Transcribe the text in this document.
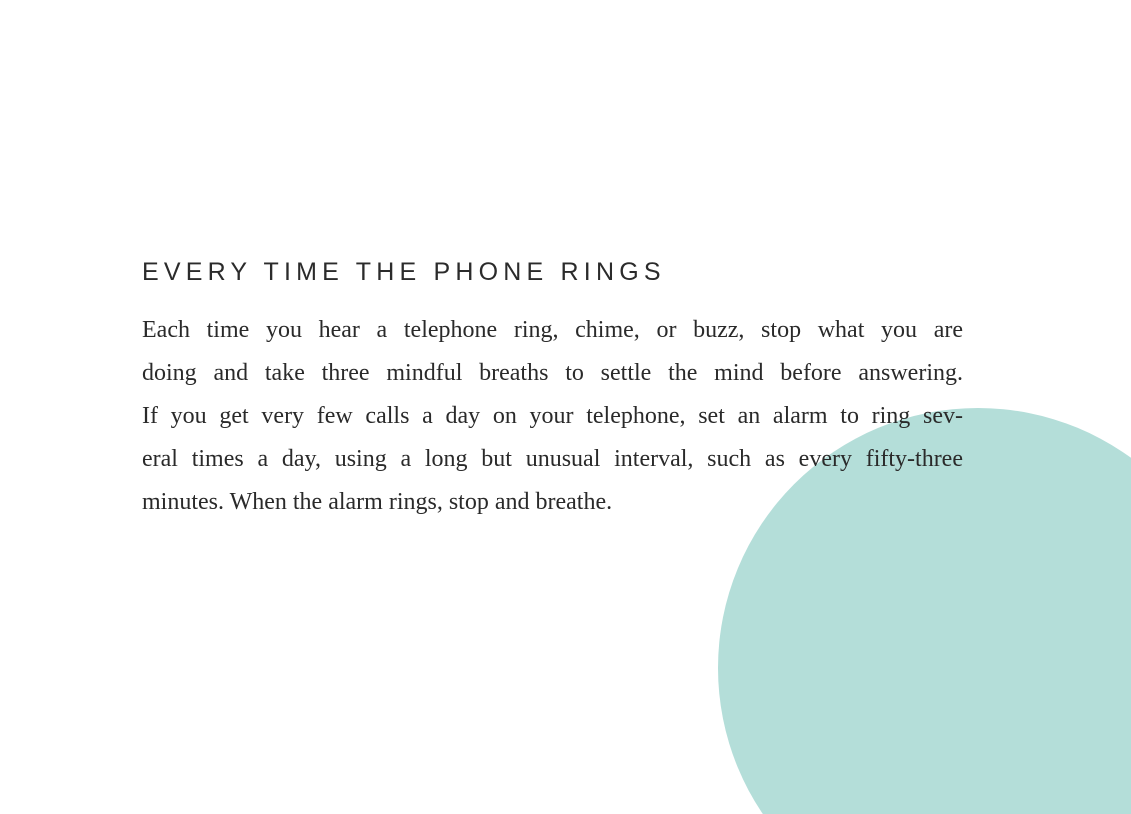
EVERY TIME THE PHONE RINGS

Each time you hear a telephone ring, chime, or buzz, stop what you are
doing and take three mindful breaths to settle the mind before answering.
If you get very few calls a day on your telephone, set an alarm to ring sev-
eral times a day, using a long but unusual interval, such as every fifty-three
minutes. When the alarm rings, stop and breathe.
